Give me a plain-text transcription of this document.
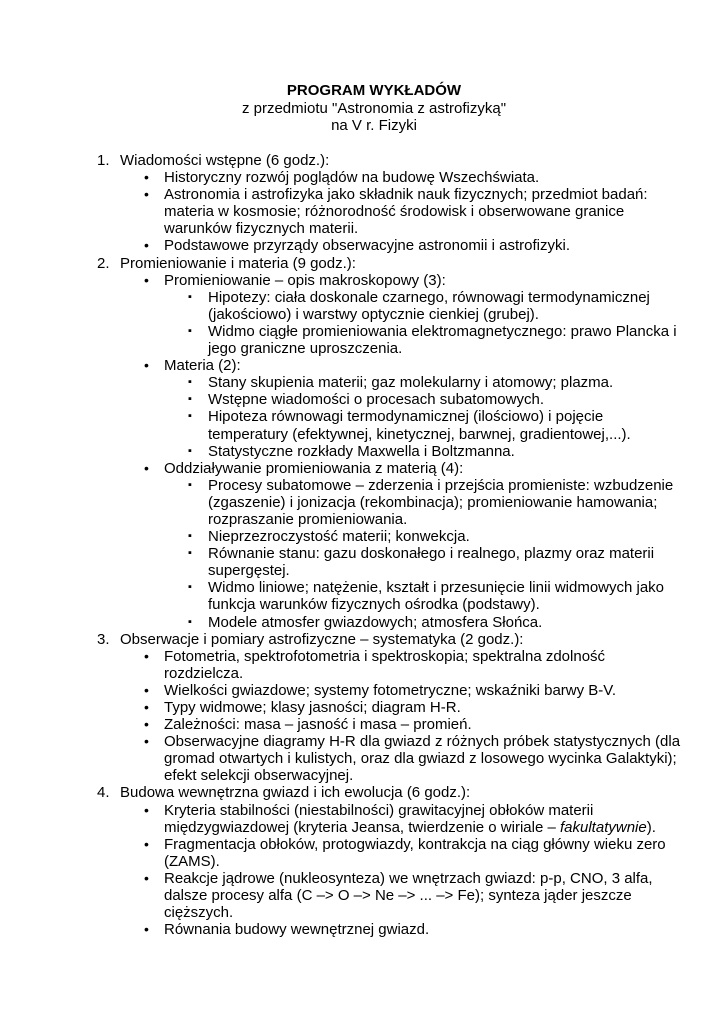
PROGRAM WYKŁADÓW
z przedmiotu "Astronomia z astrofizyką"
na V r. Fizyki
1. Wiadomości wstępne (6 godz.):
• Historyczny rozwój poglądów na budowę Wszechświata.
• Astronomia i astrofizyka jako składnik nauk fizycznych; przedmiot badań: materia w kosmosie; różnorodność środowisk i obserwowane granice warunków fizycznych materii.
• Podstawowe przyrządy obserwacyjne astronomii i astrofizyki.
2. Promieniowanie i materia (9 godz.):
• Promieniowanie – opis makroskopowy (3):
▪ Hipotezy: ciała doskonale czarnego, równowagi termodynamicznej (jakościowo) i warstwy optycznie cienkiej (grubej).
▪ Widmo ciągłe promieniowania elektromagnetycznego: prawo Plancka i jego graniczne uproszczenia.
• Materia (2):
▪ Stany skupienia materii; gaz molekularny i atomowy; plazma.
▪ Wstępne wiadomości o procesach subatomowych.
▪ Hipoteza równowagi termodynamicznej (ilościowo) i pojęcie temperatury (efektywnej, kinetycznej, barwnej, gradientowej,...).
▪ Statystyczne rozkłady Maxwella i Boltzmanna.
• Oddziaływanie promieniowania z materią (4):
▪ Procesy subatomowe – zderzenia i przejścia promieniste: wzbudzenie (zgaszenie) i jonizacja (rekombinacja); promieniowanie hamowania; rozpraszanie promieniowania.
▪ Nieprzezroczystość materii; konwekcja.
▪ Równanie stanu: gazu doskonałego i realnego, plazmy oraz materii supergęstej.
▪ Widmo liniowe; natężenie, kształt i przesunięcie linii widmowych jako funkcja warunków fizycznych ośrodka (podstawy).
▪ Modele atmosfer gwiazdowych; atmosfera Słońca.
3. Obserwacje i pomiary astrofizyczne – systematyka (2 godz.):
• Fotometria, spektrofotometria i spektroskopia; spektralna zdolność rozdzielcza.
• Wielkości gwiazdowe; systemy fotometryczne; wskaźniki barwy B-V.
• Typy widmowe; klasy jasności; diagram H-R.
• Zależności: masa – jasność i masa – promień.
• Obserwacyjne diagramy H-R dla gwiazd z różnych próbek statystycznych (dla gromad otwartych i kulistych, oraz dla gwiazd z losowego wycinka Galaktyki); efekt selekcji obserwacyjnej.
4. Budowa wewnętrzna gwiazd i ich ewolucja (6 godz.):
• Kryteria stabilności (niestabilności) grawitacyjnej obłoków materii międzygwiazdowej (kryteria Jeansa, twierdzenie o wiriale – fakultatywnie).
• Fragmentacja obłoków, protogwiazdy, kontrakcja na ciąg główny wieku zero (ZAMS).
• Reakcje jądrowe (nukleosynteza) we wnętrzach gwiazd: p-p, CNO, 3 alfa, dalsze procesy alfa (C –> O –> Ne –> ... –> Fe); synteza jąder jeszcze cięższych.
• Równania budowy wewnętrznej gwiazd.
